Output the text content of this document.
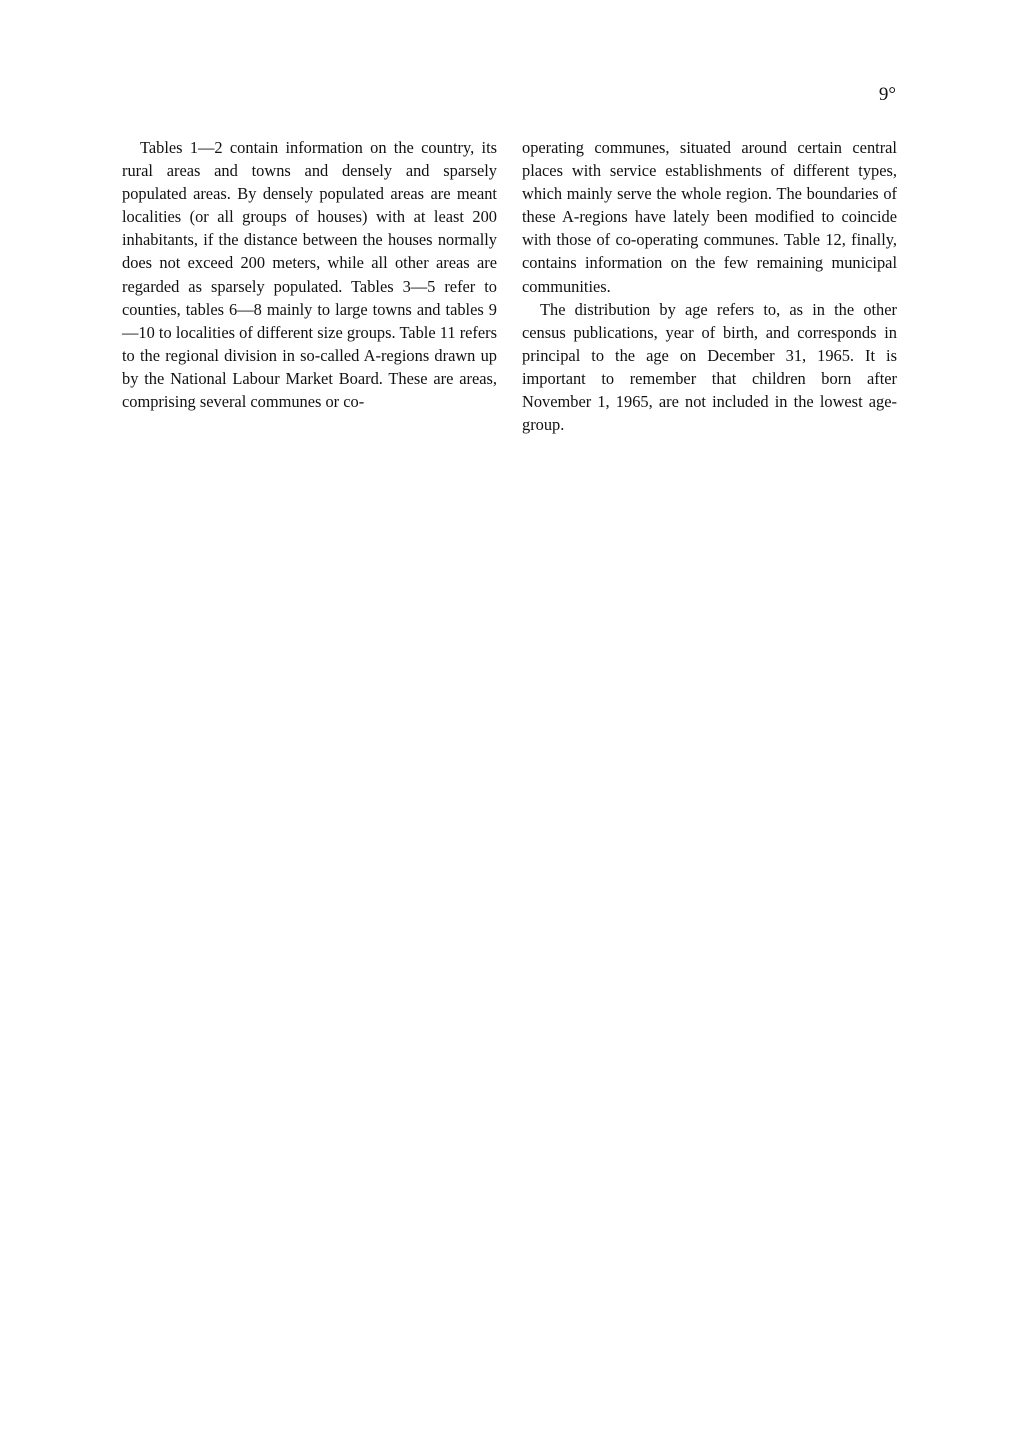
9°

Tables 1—2 contain information on the country, its rural areas and towns and densely and sparsely populated areas. By densely populated areas are meant localities (or all groups of houses) with at least 200 inhabitants, if the distance between the houses normally does not exceed 200 meters, while all other areas are regarded as sparsely populated. Tables 3—5 refer to counties, tables 6—8 mainly to large towns and tables 9—10 to localities of different size groups. Table 11 refers to the regional division in so-called A-regions drawn up by the National Labour Market Board. These are areas, comprising several communes or co-

operating communes, situated around certain central places with service establishments of different types, which mainly serve the whole region. The boundaries of these A-regions have lately been modified to coincide with those of co-operating communes. Table 12, finally, contains information on the few remaining municipal communities.

The distribution by age refers to, as in the other census publications, year of birth, and corresponds in principal to the age on December 31, 1965. It is important to remember that children born after November 1, 1965, are not included in the lowest age-group.
